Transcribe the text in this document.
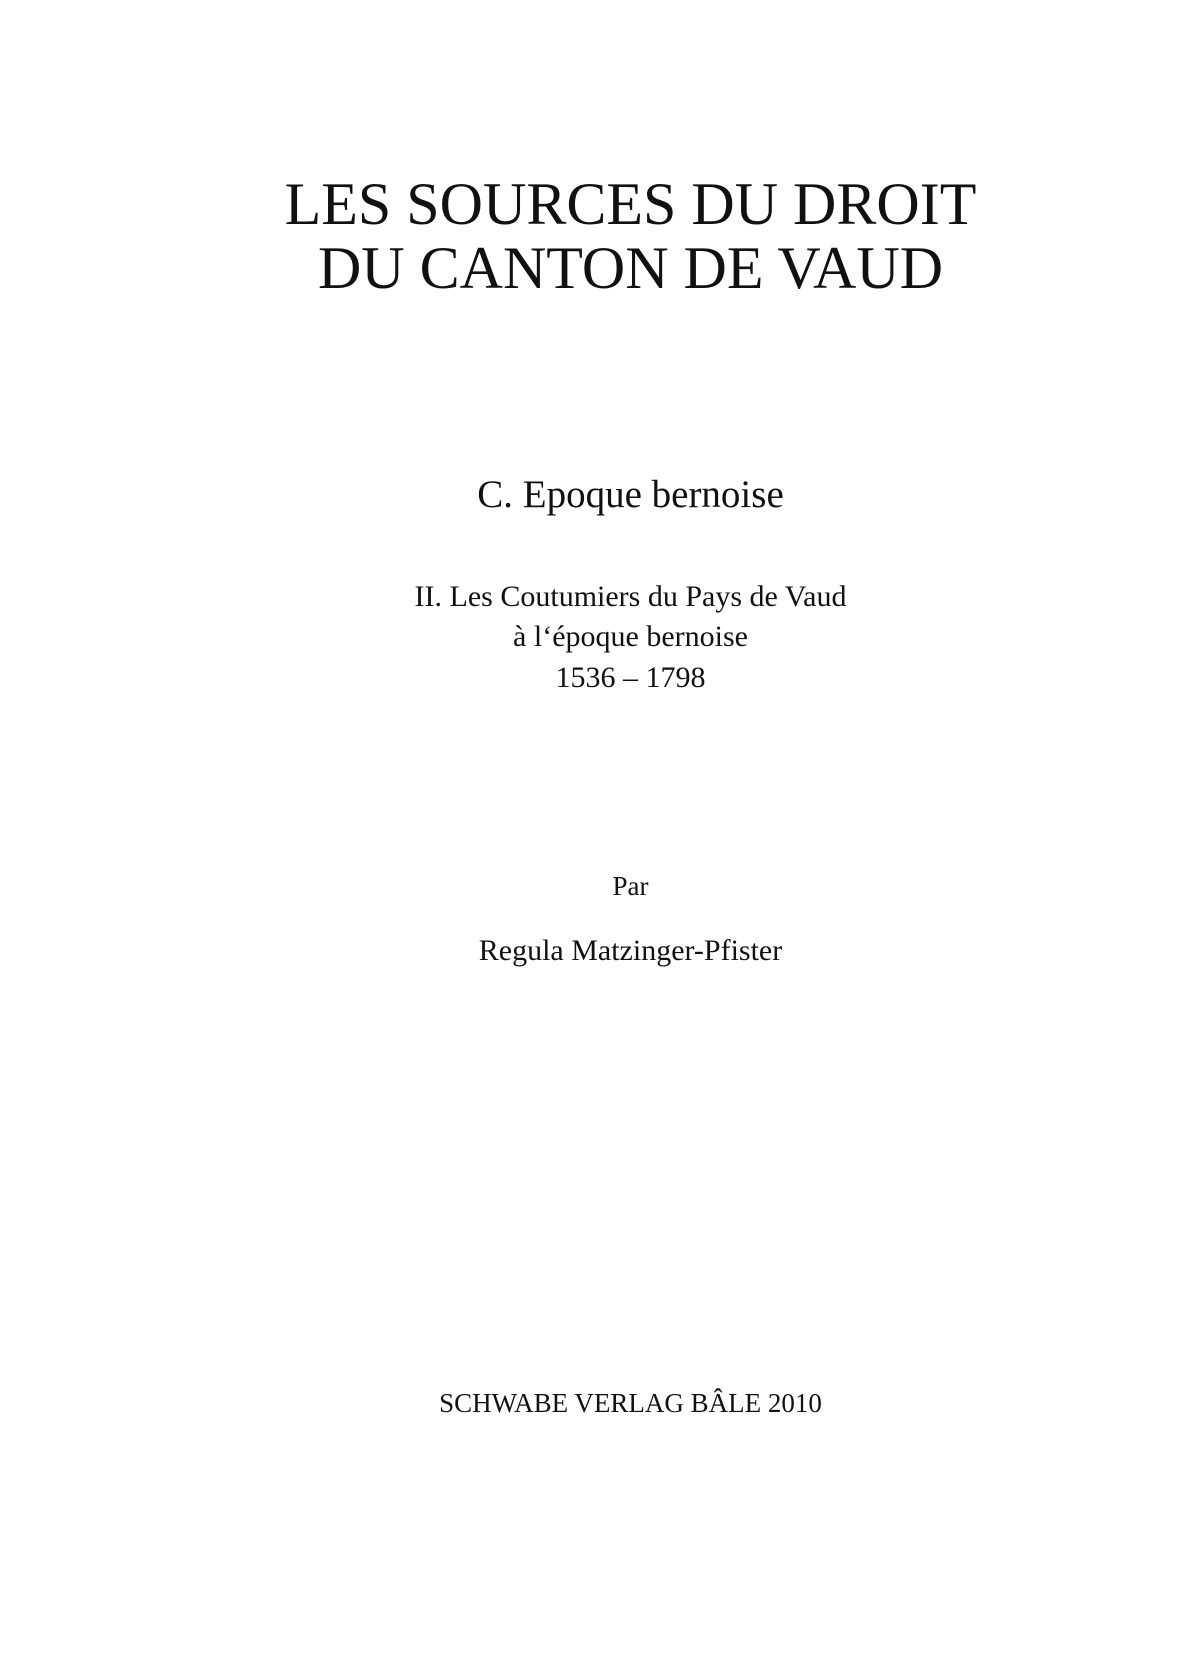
LES SOURCES DU DROIT
DU CANTON DE VAUD
C. Epoque bernoise
II. Les Coutumiers du Pays de Vaud
à l‘époque bernoise
1536 – 1798
Par
Regula Matzinger-Pfister
SCHWABE VERLAG BÂLE 2010
